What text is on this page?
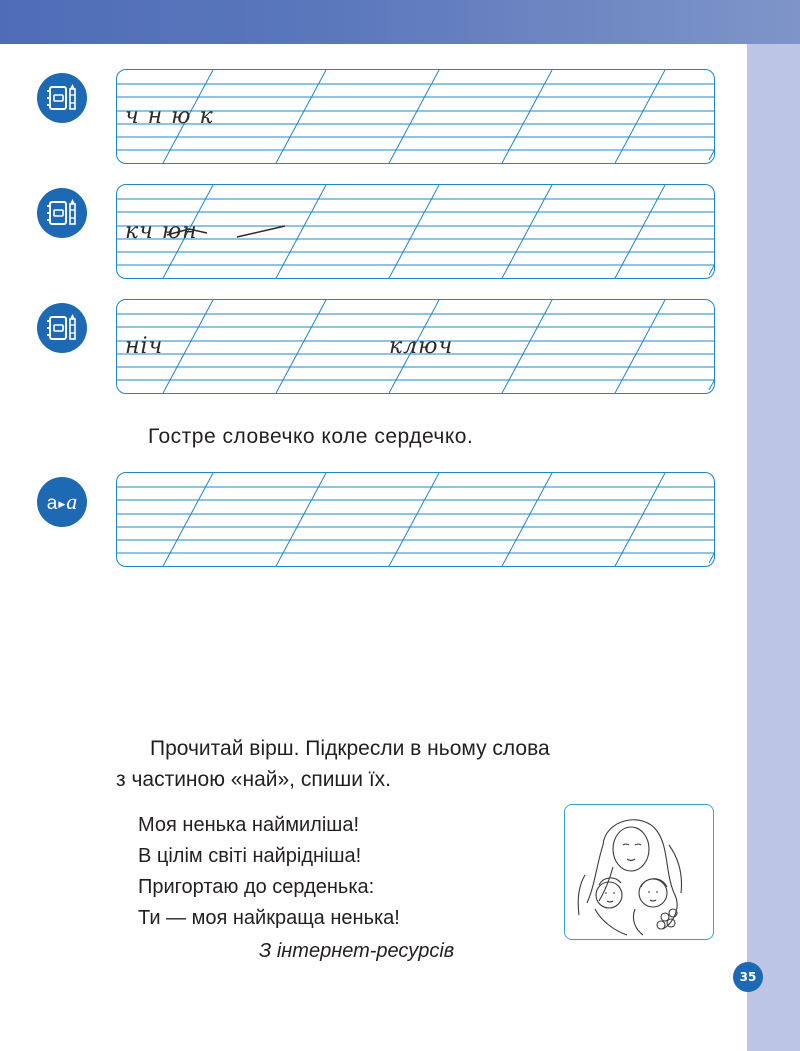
ч н ю к
кч юн
нiч	ключ
Гостре словечко коле сердечко.
а▶a
Прочитай вірш. Підкресли в ньому слова
з частиною «най», спиши їх.
Моя ненька наймиліша!
В цілім світі найрідніша!
Пригортаю до серденька:
Ти — моя найкраща ненька!
З інтернет-ресурсів
35
